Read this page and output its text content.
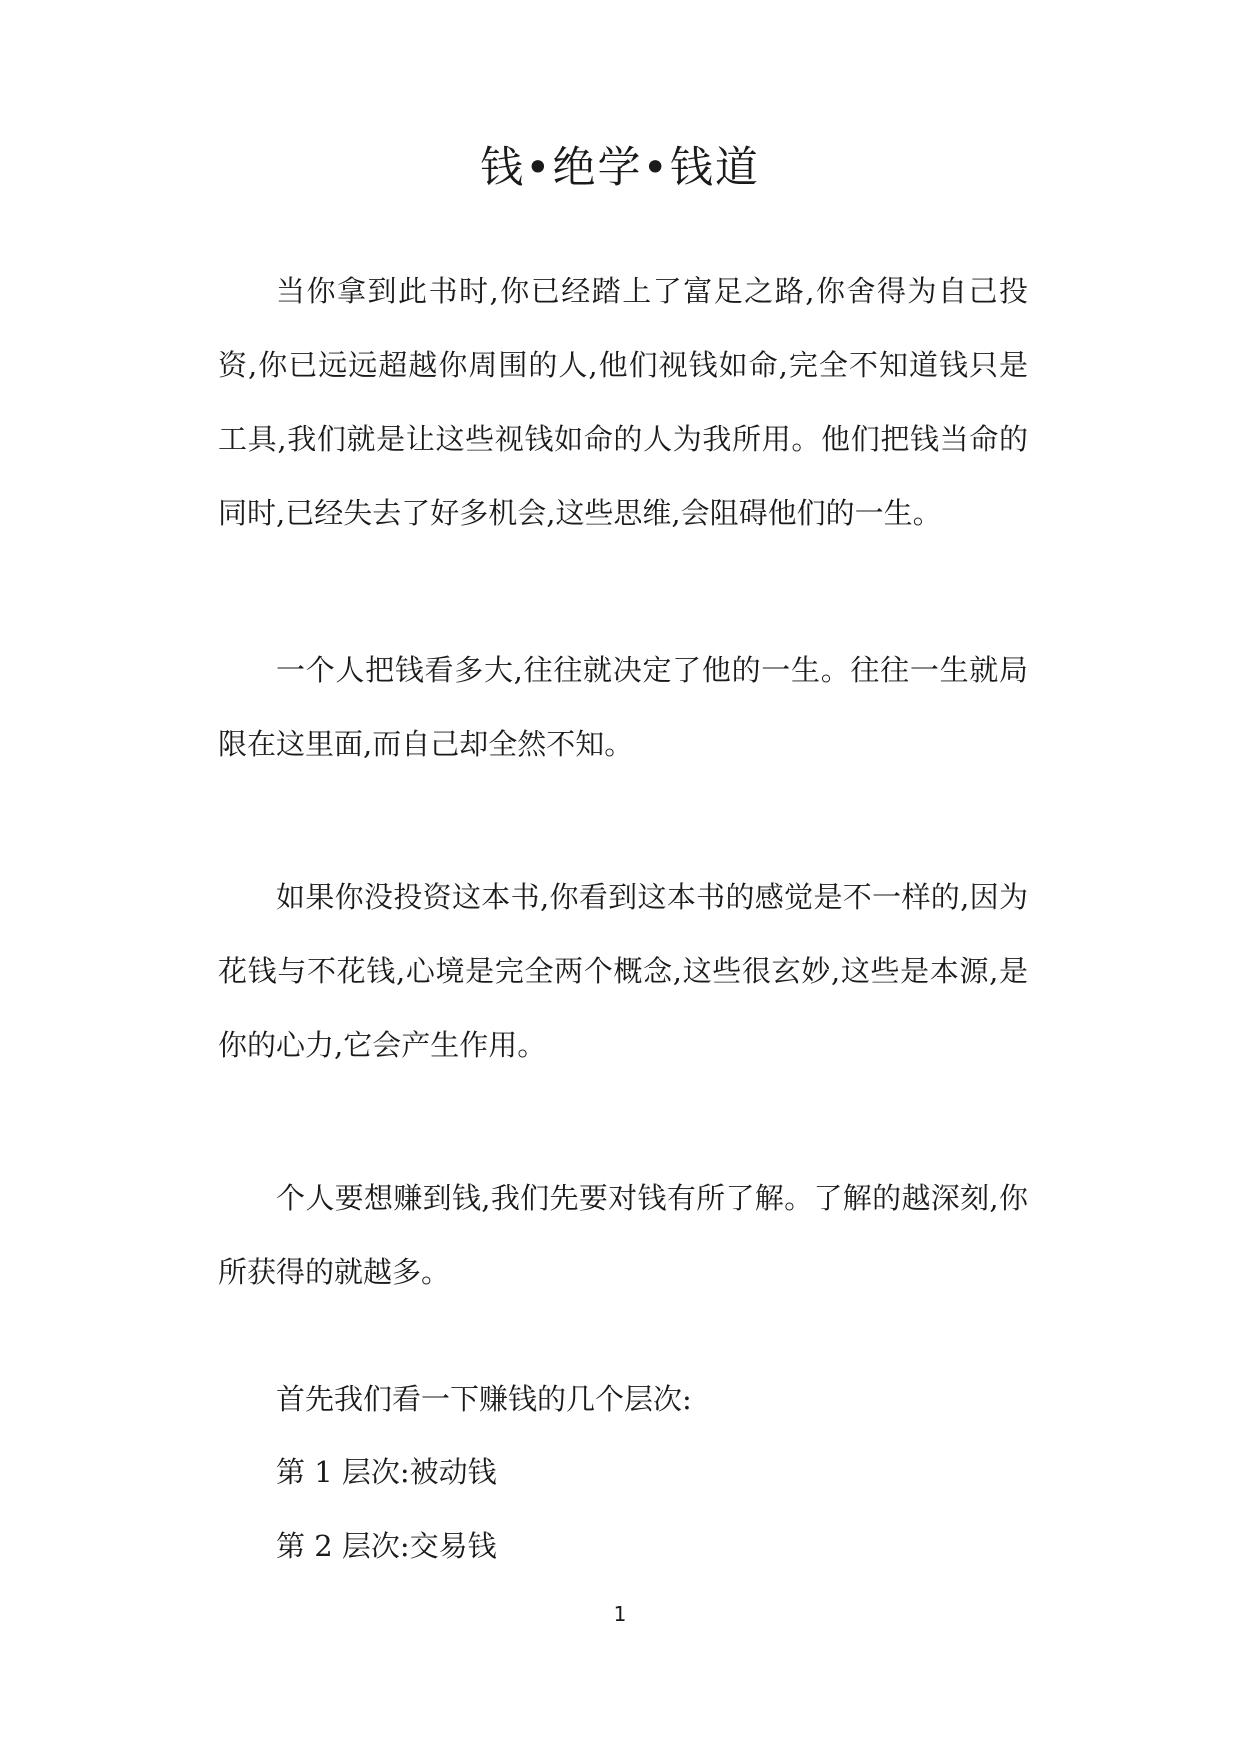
钱•绝学•钱道
当你拿到此书时,你已经踏上了富足之路,你舍得为自己投资,你已远远超越你周围的人,他们视钱如命,完全不知道钱只是工具,我们就是让这些视钱如命的人为我所用。他们把钱当命的同时,已经失去了好多机会,这些思维,会阻碍他们的一生。
一个人把钱看多大,往往就决定了他的一生。往往一生就局限在这里面,而自己却全然不知。
如果你没投资这本书,你看到这本书的感觉是不一样的,因为花钱与不花钱,心境是完全两个概念,这些很玄妙,这些是本源,是你的心力,它会产生作用。
个人要想赚到钱,我们先要对钱有所了解。了解的越深刻,你所获得的就越多。
首先我们看一下赚钱的几个层次:
第 1 层次:被动钱
第 2 层次:交易钱
1
